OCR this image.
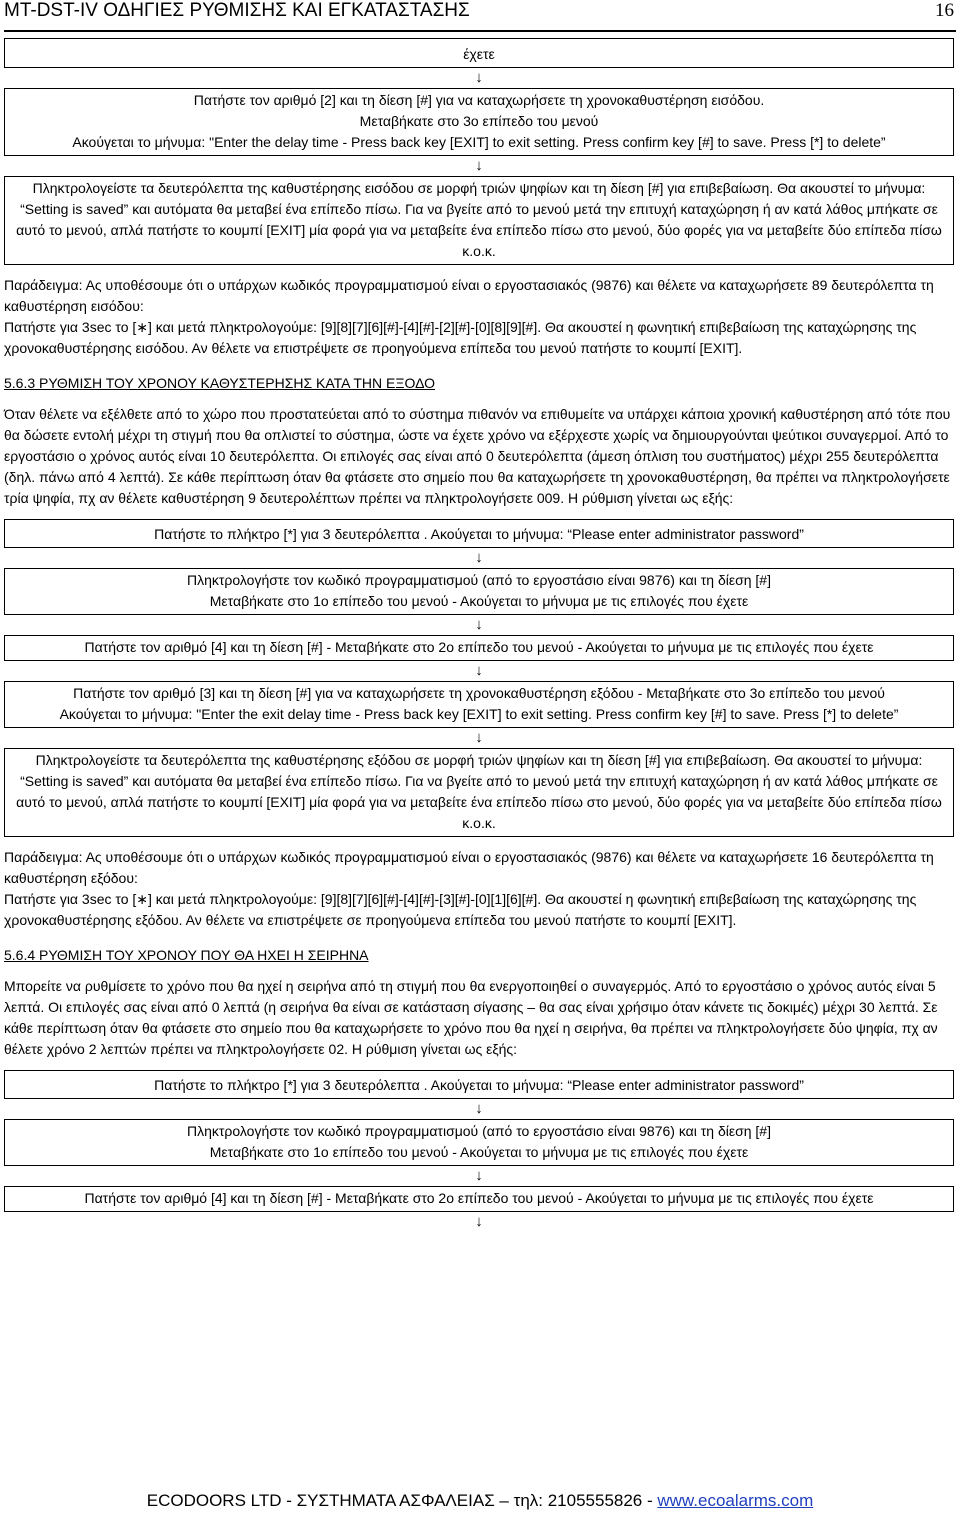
MT-DST-IV ΟΔΗΓΙΕΣ ΡΥΘΜΙΣΗΣ ΚΑΙ ΕΓΚΑΤΑΣΤΑΣΗΣ	16
έχετε
↓
Πατήστε τον αριθμό [2] και τη δίεση [#] για να καταχωρήσετε τη χρονοκαθυστέρηση εισόδου.
Μεταβήκατε στο 3ο επίπεδο του μενού
Ακούγεται το μήνυμα: "Enter the delay time - Press back key [EXIT] to exit setting. Press confirm key [#] to save. Press [*] to delete”
↓
Πληκτρολογείστε τα δευτερόλεπτα της καθυστέρησης εισόδου σε μορφή τριών ψηφίων και τη δίεση [#] για επιβεβαίωση. Θα ακουστεί το μήνυμα: “Setting is saved” και αυτόματα θα μεταβεί ένα επίπεδο πίσω. Για να βγείτε από το μενού μετά την επιτυχή καταχώρηση ή αν κατά λάθος μπήκατε σε αυτό το μενού, απλά πατήστε το κουμπί [EXIT] μία φορά για να μεταβείτε ένα επίπεδο πίσω στο μενού, δύο φορές για να μεταβείτε δύο επίπεδα πίσω κ.ο.κ.

Παράδειγμα: Ας υποθέσουμε ότι ο υπάρχων κωδικός προγραμματισμού είναι ο εργοστασιακός (9876) και θέλετε να καταχωρήσετε 89 δευτερόλεπτα τη καθυστέρηση εισόδου:

Πατήστε για 3sec το [∗] και μετά πληκτρολογούμε: [9][8][7][6][#]-[4][#]-[2][#]-[0][8][9][#]. Θα ακουστεί η φωνητική επιβεβαίωση της καταχώρησης της χρονοκαθυστέρησης εισόδου. Αν θέλετε να επιστρέψετε σε προηγούμενα επίπεδα του μενού πατήστε το κουμπί [EXIT].

5.6.3 ΡΥΘΜΙΣΗ ΤΟΥ ΧΡΟΝΟΥ ΚΑΘΥΣΤΕΡΗΣΗΣ ΚΑΤΑ ΤΗΝ ΕΞΟΔΟ

Όταν θέλετε να εξέλθετε από το χώρο που προστατεύεται από το σύστημα πιθανόν να επιθυμείτε να υπάρχει κάποια χρονική καθυστέρηση από τότε που θα δώσετε εντολή μέχρι τη στιγμή που θα οπλιστεί το σύστημα, ώστε να έχετε χρόνο να εξέρχεστε χωρίς να δημιουργούνται ψεύτικοι συναγερμοί. Από το εργοστάσιο ο χρόνος αυτός είναι 10 δευτερόλεπτα. Οι επιλογές σας είναι από 0 δευτερόλεπτα (άμεση όπλιση του συστήματος) μέχρι 255 δευτερόλεπτα (δηλ. πάνω από 4 λεπτά). Σε κάθε περίπτωση όταν θα φτάσετε στο σημείο που θα καταχωρήσετε τη χρονοκαθυστέρηση, θα πρέπει να πληκτρολογήσετε τρία ψηφία, πχ αν θέλετε καθυστέρηση 9 δευτερολέπτων πρέπει να πληκτρολογήσετε 009. Η ρύθμιση γίνεται ως εξής:

Πατήστε το πλήκτρο [*] για 3 δευτερόλεπτα . Ακούγεται το μήνυμα: “Please enter administrator password”
↓
Πληκτρολογήστε τον κωδικό προγραμματισμού (από το εργοστάσιο είναι 9876) και τη δίεση [#]
Μεταβήκατε στο 1ο επίπεδο του μενού - Ακούγεται το μήνυμα με τις επιλογές που έχετε
↓
Πατήστε τον αριθμό [4] και τη δίεση [#] - Μεταβήκατε στο 2ο επίπεδο του μενού - Ακούγεται το μήνυμα με τις επιλογές που έχετε
↓
Πατήστε τον αριθμό [3] και τη δίεση [#] για να καταχωρήσετε τη χρονοκαθυστέρηση εξόδου - Μεταβήκατε στο 3ο επίπεδο του μενού
Ακούγεται το μήνυμα: "Enter the exit delay time - Press back key [EXIT] to exit setting. Press confirm key [#] to save. Press [*] to delete”
↓
Πληκτρολογείστε τα δευτερόλεπτα της καθυστέρησης εξόδου σε μορφή τριών ψηφίων και τη δίεση [#] για επιβεβαίωση. Θα ακουστεί το μήνυμα: “Setting is saved” και αυτόματα θα μεταβεί ένα επίπεδο πίσω. Για να βγείτε από το μενού μετά την επιτυχή καταχώρηση ή αν κατά λάθος μπήκατε σε αυτό το μενού, απλά πατήστε το κουμπί [EXIT] μία φορά για να μεταβείτε ένα επίπεδο πίσω στο μενού, δύο φορές για να μεταβείτε δύο επίπεδα πίσω κ.ο.κ.

Παράδειγμα: Ας υποθέσουμε ότι ο υπάρχων κωδικός προγραμματισμού είναι ο εργοστασιακός (9876) και θέλετε να καταχωρήσετε 16 δευτερόλεπτα τη καθυστέρηση εξόδου:

Πατήστε για 3sec το [∗] και μετά πληκτρολογούμε: [9][8][7][6][#]-[4][#]-[3][#]-[0][1][6][#]. Θα ακουστεί η φωνητική επιβεβαίωση της καταχώρησης της χρονοκαθυστέρησης εξόδου. Αν θέλετε να επιστρέψετε σε προηγούμενα επίπεδα του μενού πατήστε το κουμπί [EXIT].

5.6.4 ΡΥΘΜΙΣΗ ΤΟΥ ΧΡΟΝΟΥ ΠΟΥ ΘΑ ΗΧΕΙ Η ΣΕΙΡΗΝΑ

Μπορείτε να ρυθμίσετε το χρόνο που θα ηχεί η σειρήνα από τη στιγμή που θα ενεργοποιηθεί ο συναγερμός. Από το εργοστάσιο ο χρόνος αυτός είναι 5 λεπτά. Οι επιλογές σας είναι από 0 λεπτά (η σειρήνα θα είναι σε κατάσταση σίγασης – θα σας είναι χρήσιμο όταν κάνετε τις δοκιμές) μέχρι 30 λεπτά. Σε κάθε περίπτωση όταν θα φτάσετε στο σημείο που θα καταχωρήσετε το χρόνο που θα ηχεί η σειρήνα, θα πρέπει να πληκτρολογήσετε δύο ψηφία, πχ αν θέλετε χρόνο 2 λεπτών πρέπει να πληκτρολογήσετε 02. Η ρύθμιση γίνεται ως εξής:

Πατήστε το πλήκτρο [*] για 3 δευτερόλεπτα . Ακούγεται το μήνυμα: “Please enter administrator password”
↓
Πληκτρολογήστε τον κωδικό προγραμματισμού (από το εργοστάσιο είναι 9876) και τη δίεση [#]
Μεταβήκατε στο 1ο επίπεδο του μενού - Ακούγεται το μήνυμα με τις επιλογές που έχετε
↓
Πατήστε τον αριθμό [4] και τη δίεση [#] - Μεταβήκατε στο 2ο επίπεδο του μενού - Ακούγεται το μήνυμα με τις επιλογές που έχετε
↓
ECODOORS LTD - ΣΥΣΤΗΜΑΤΑ ΑΣΦΑΛΕΙΑΣ – τηλ: 2105555826 - www.ecoalarms.com
